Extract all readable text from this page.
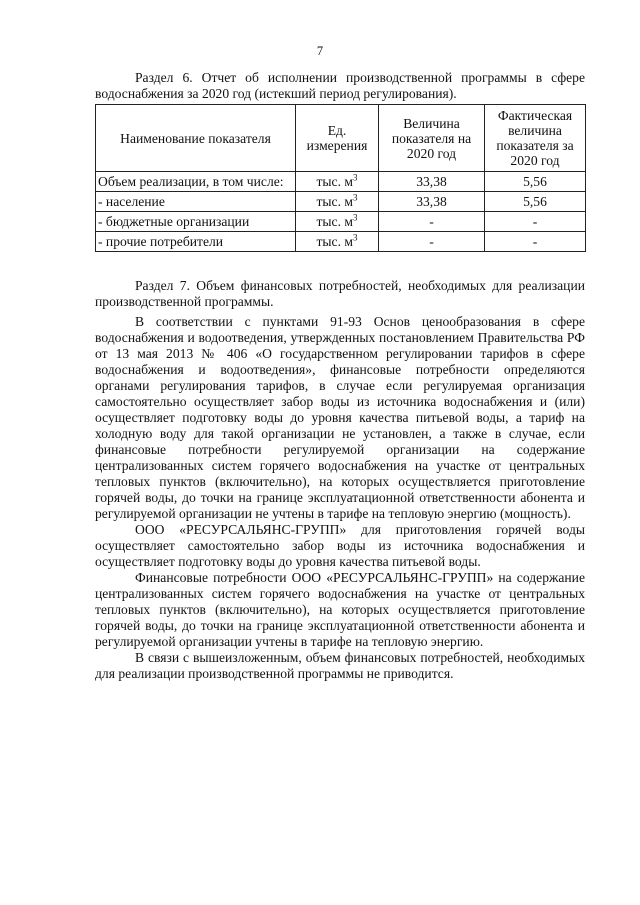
7
Раздел 6. Отчет об исполнении производственной программы в сфере водоснабжения за 2020 год (истекший период регулирования).
Наименование показателя	Ед. измерения	Величина показателя на 2020 год	Фактическая величина показателя за 2020 год
Объем реализации, в том числе:	тыс. $м^3$	33,38	5,56
- население	тыс. $м^3$	33,38	5,56
- бюджетные организации	тыс. $м^3$	-	-
- прочие потребители	тыс. $м^3$	-	-
Раздел 7. Объем финансовых потребностей, необходимых для реализации производственной программы.

В соответствии с пунктами 91-93 Основ ценообразования в сфере водоснабжения и водоотведения, утвержденных постановлением Правительства РФ от 13 мая 2013 № 406 «О государственном регулировании тарифов в сфере водоснабжения и водоотведения», финансовые потребности определяются органами регулирования тарифов, в случае если регулируемая организация самостоятельно осуществляет забор воды из источника водоснабжения и (или) осуществляет подготовку воды до уровня качества питьевой воды, а тариф на холодную воду для такой организации не установлен, а также в случае, если финансовые потребности регулируемой организации на содержание централизованных систем горячего водоснабжения на участке от центральных тепловых пунктов (включительно), на которых осуществляется приготовление горячей воды, до точки на границе эксплуатационной ответственности абонента и регулируемой организации не учтены в тарифе на тепловую энергию (мощность).

ООО «РЕСУРСАЛЬЯНС-ГРУПП» для приготовления горячей воды осуществляет самостоятельно забор воды из источника водоснабжения и осуществляет подготовку воды до уровня качества питьевой воды.

Финансовые потребности ООО «РЕСУРСАЛЬЯНС-ГРУПП» на содержание централизованных систем горячего водоснабжения на участке от центральных тепловых пунктов (включительно), на которых осуществляется приготовление горячей воды, до точки на границе эксплуатационной ответственности абонента и регулируемой организации учтены в тарифе на тепловую энергию.

В связи с вышеизложенным, объем финансовых потребностей, необходимых для реализации производственной программы не приводится.
